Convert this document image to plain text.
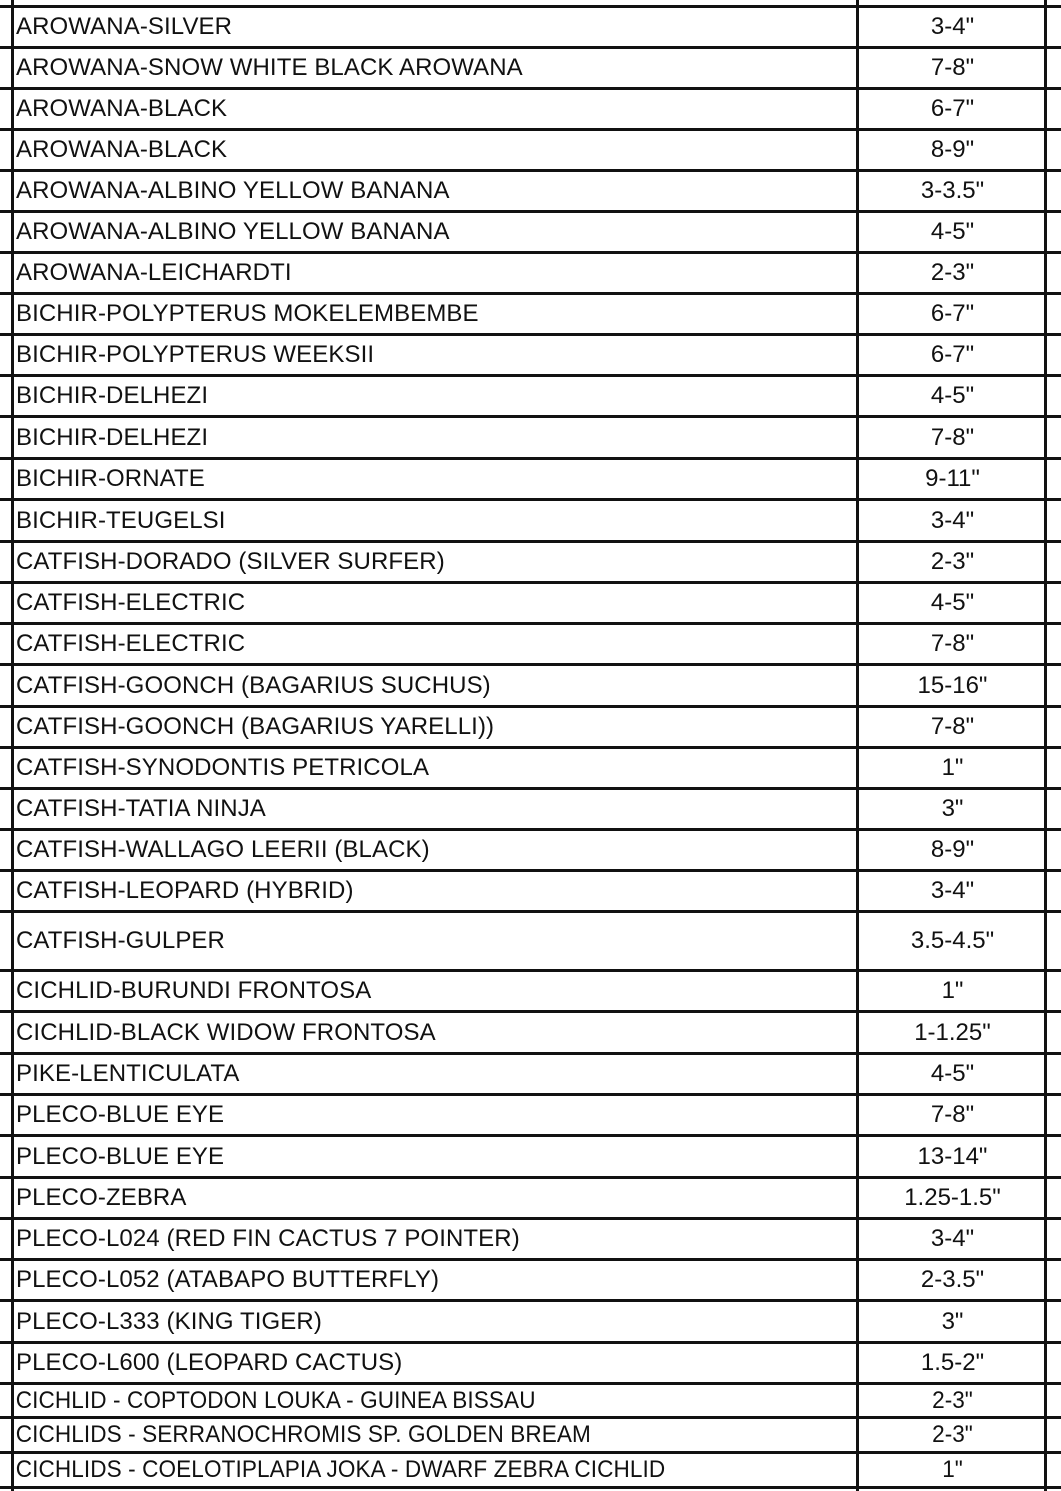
AROWANA-SILVER	3-4"
AROWANA-SNOW WHITE BLACK AROWANA	7-8"
AROWANA-BLACK	6-7"
AROWANA-BLACK	8-9"
AROWANA-ALBINO YELLOW BANANA	3-3.5"
AROWANA-ALBINO YELLOW BANANA	4-5"
AROWANA-LEICHARDTI	2-3"
BICHIR-POLYPTERUS MOKELEMBEMBE	6-7"
BICHIR-POLYPTERUS WEEKSII	6-7"
BICHIR-DELHEZI	4-5"
BICHIR-DELHEZI	7-8"
BICHIR-ORNATE	9-11"
BICHIR-TEUGELSI	3-4"
CATFISH-DORADO (SILVER SURFER)	2-3"
CATFISH-ELECTRIC	4-5"
CATFISH-ELECTRIC	7-8"
CATFISH-GOONCH (BAGARIUS SUCHUS)	15-16"
CATFISH-GOONCH (BAGARIUS YARELLI))	7-8"
CATFISH-SYNODONTIS PETRICOLA	1"
CATFISH-TATIA NINJA	3"
CATFISH-WALLAGO LEERII (BLACK)	8-9"
CATFISH-LEOPARD (HYBRID)	3-4"
CATFISH-GULPER	3.5-4.5"
CICHLID-BURUNDI FRONTOSA	1"
CICHLID-BLACK WIDOW FRONTOSA	1-1.25"
PIKE-LENTICULATA	4-5"
PLECO-BLUE EYE	7-8"
PLECO-BLUE EYE	13-14"
PLECO-ZEBRA	1.25-1.5"
PLECO-L024 (RED FIN CACTUS 7 POINTER)	3-4"
PLECO-L052 (ATABAPO BUTTERFLY)	2-3.5"
PLECO-L333 (KING TIGER)	3"
PLECO-L600 (LEOPARD CACTUS)	1.5-2"
CICHLID - COPTODON LOUKA - GUINEA BISSAU	2-3"
CICHLIDS - SERRANOCHROMIS SP. GOLDEN BREAM	2-3"
CICHLIDS - COELOTIPLAPIA JOKA - DWARF ZEBRA CICHLID	1"
